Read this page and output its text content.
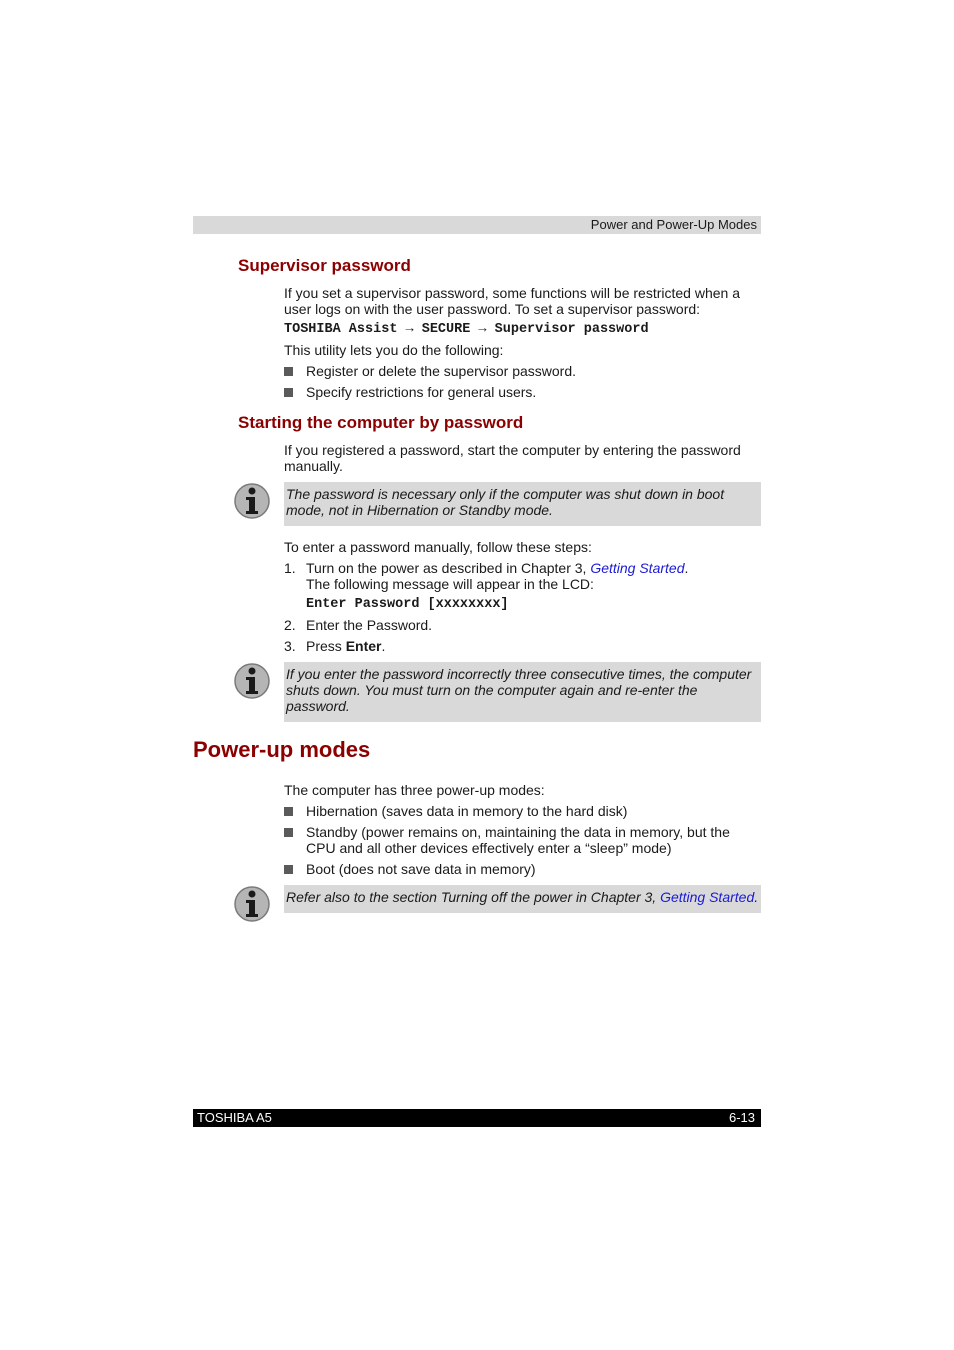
Power and Power-Up Modes
Supervisor password
If you set a supervisor password, some functions will be restricted when a user logs on with the user password. To set a supervisor password:
TOSHIBA Assist → SECURE → Supervisor password
This utility lets you do the following:
Register or delete the supervisor password.
Specify restrictions for general users.
Starting the computer by password
If you registered a password, start the computer by entering the password manually.
The password is necessary only if the computer was shut down in boot mode, not in Hibernation or Standby mode.
To enter a password manually, follow these steps:
1. Turn on the power as described in Chapter 3, Getting Started.
The following message will appear in the LCD:
Enter Password [xxxxxxxx]
2. Enter the Password.
3. Press Enter.
If you enter the password incorrectly three consecutive times, the computer shuts down. You must turn on the computer again and re-enter the password.
Power-up modes
The computer has three power-up modes:
Hibernation (saves data in memory to the hard disk)
Standby (power remains on, maintaining the data in memory, but the CPU and all other devices effectively enter a “sleep” mode)
Boot (does not save data in memory)
Refer also to the section Turning off the power in Chapter 3, Getting Started.
TOSHIBA A5	6-13
